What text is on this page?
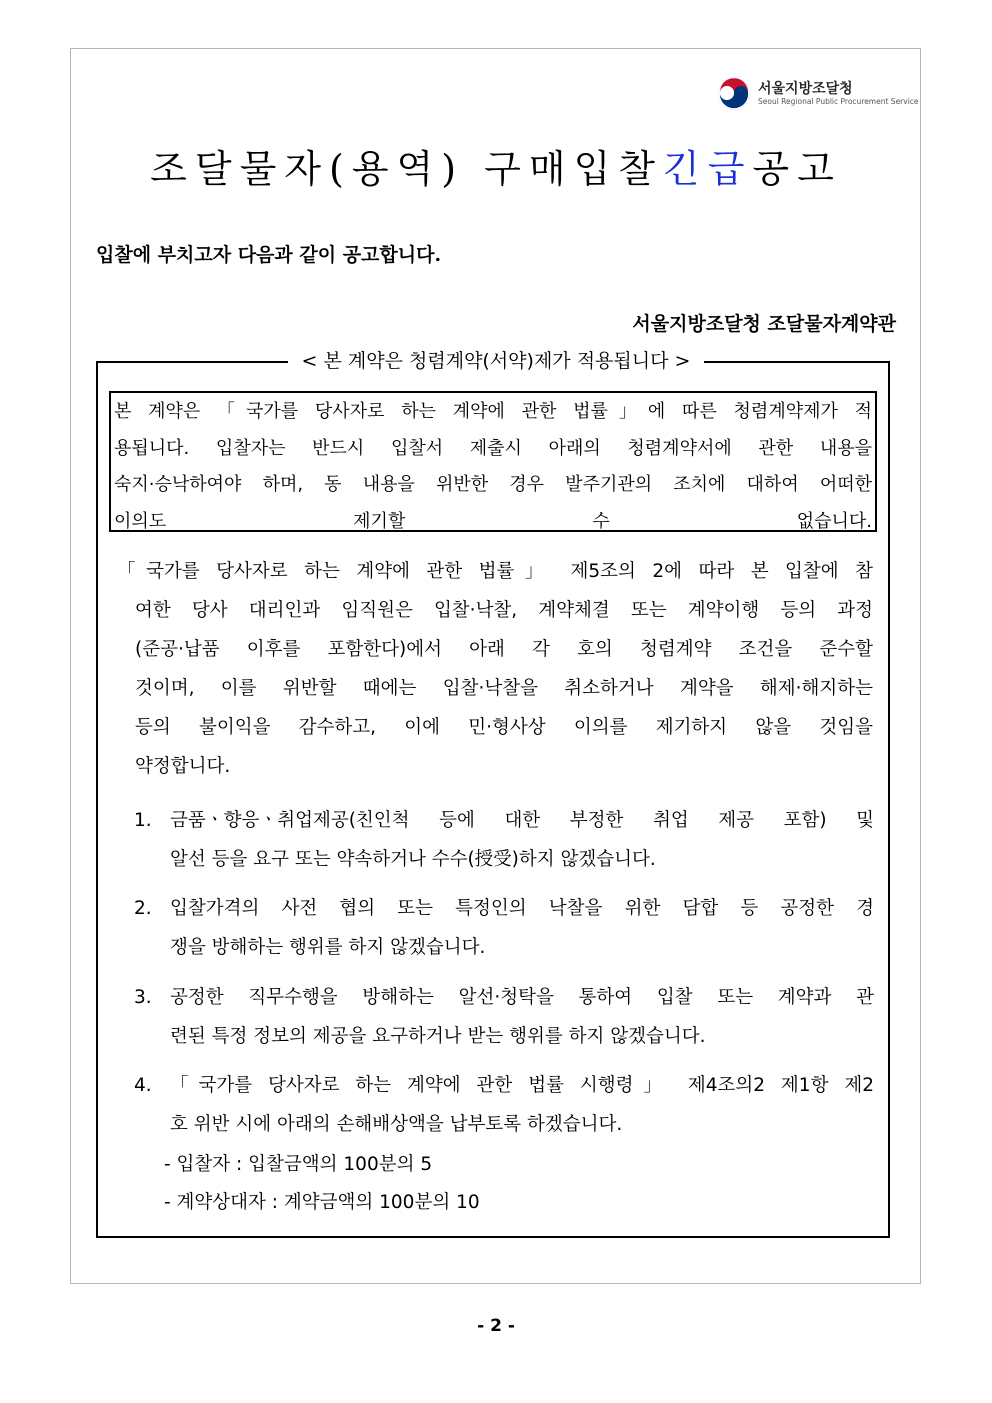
서울지방조달청
Seoul Regional Public Procurement Service
조달물자(용역) 구매입찰긴급공고
입찰에 부치고자 다음과 같이 공고합니다.
서울지방조달청 조달물자계약관
< 본 계약은 청렴계약(서약)제가 적용됩니다 >
본 계약은 「국가를 당사자로 하는 계약에 관한 법률」에 따른 청렴계약제가 적
용됩니다. 입찰자는 반드시 입찰서 제출시 아래의 청렴계약서에 관한 내용을
숙지·승낙하여야 하며, 동 내용을 위반한 경우 발주기관의 조치에 대하여 어떠한
이의도 제기할 수 없습니다.
「국가를 당사자로 하는 계약에 관한 법률」 제5조의 2에 따라 본 입찰에 참
여한 당사 대리인과 임직원은 입찰·낙찰, 계약체결 또는 계약이행 등의 과정
(준공·납품 이후를 포함한다)에서 아래 각 호의 청렴계약 조건을 준수할
것이며, 이를 위반할 때에는 입찰·낙찰을 취소하거나 계약을 해제·해지하는
등의 불이익을 감수하고, 이에 민·형사상 이의를 제기하지 않을 것임을
약정합니다.
1. 금품ㆍ향응ㆍ취업제공(친인척 등에 대한 부정한 취업 제공 포함) 및
알선 등을 요구 또는 약속하거나 수수(授受)하지 않겠습니다.
2. 입찰가격의 사전 협의 또는 특정인의 낙찰을 위한 담합 등 공정한 경
쟁을 방해하는 행위를 하지 않겠습니다.
3. 공정한 직무수행을 방해하는 알선·청탁을 통하여 입찰 또는 계약과 관
련된 특정 정보의 제공을 요구하거나 받는 행위를 하지 않겠습니다.
4. 「국가를 당사자로 하는 계약에 관한 법률 시행령」 제4조의2 제1항 제2
호 위반 시에 아래의 손해배상액을 납부토록 하겠습니다.
- 입찰자 : 입찰금액의 100분의 5
- 계약상대자 : 계약금액의 100분의 10
- 2 -
